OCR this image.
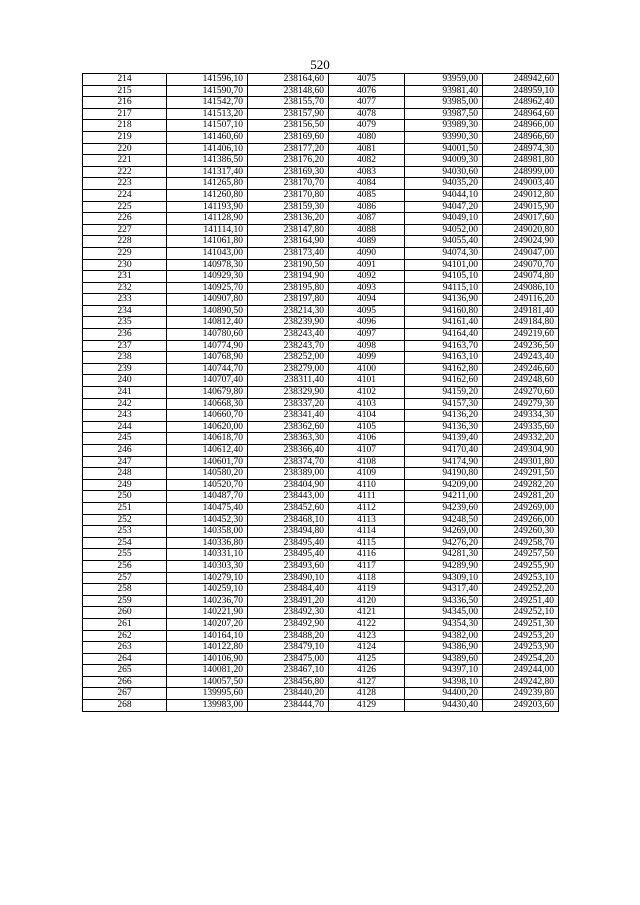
520
214	141596,10	238164,60	4075	93959,00	248942,60
215	141590,70	238148,60	4076	93981,40	248959,10
216	141542,70	238155,70	4077	93985,00	248962,40
217	141513,20	238157,90	4078	93987,50	248964,60
218	141507,10	238156,50	4079	93989,30	248966,00
219	141460,60	238169,60	4080	93990,30	248966,60
220	141406,10	238177,20	4081	94001,50	248974,30
221	141386,50	238176,20	4082	94009,30	248981,80
222	141317,40	238169,30	4083	94030,60	248999,00
223	141265,80	238170,70	4084	94035,20	249003,40
224	141260,80	238170,80	4085	94044,10	249012,80
225	141193,90	238159,30	4086	94047,20	249015,90
226	141128,90	238136,20	4087	94049,10	249017,60
227	141114,10	238147,80	4088	94052,00	249020,80
228	141061,80	238164,90	4089	94055,40	249024,90
229	141043,00	238173,40	4090	94074,30	249047,00
230	140978,30	238190,50	4091	94101,00	249070,70
231	140929,30	238194,90	4092	94105,10	249074,80
232	140925,70	238195,80	4093	94115,10	249086,10
233	140907,80	238197,80	4094	94136,90	249116,20
234	140890,50	238214,30	4095	94160,80	249181,40
235	140812,40	238239,90	4096	94161,40	249184,80
236	140780,60	238243,40	4097	94164,40	249219,60
237	140774,90	238243,70	4098	94163,70	249236,50
238	140768,90	238252,00	4099	94163,10	249243,40
239	140744,70	238279,00	4100	94162,80	249246,60
240	140707,40	238311,40	4101	94162,60	249248,60
241	140679,80	238329,90	4102	94159,20	249270,60
242	140668,30	238337,20	4103	94157,30	249279,30
243	140660,70	238341,40	4104	94136,20	249334,30
244	140620,00	238362,60	4105	94136,30	249335,60
245	140618,70	238363,30	4106	94139,40	249332,20
246	140612,40	238366,40	4107	94170,40	249304,90
247	140601,70	238374,70	4108	94174,90	249301,80
248	140580,20	238389,00	4109	94190,80	249291,50
249	140520,70	238404,90	4110	94209,00	249282,20
250	140487,70	238443,00	4111	94211,00	249281,20
251	140475,40	238452,60	4112	94239,60	249269,00
252	140452,30	238468,10	4113	94248,50	249266,00
253	140358,00	238494,80	4114	94269,00	249260,30
254	140336,80	238495,40	4115	94276,20	249258,70
255	140331,10	238495,40	4116	94281,30	249257,50
256	140303,30	238493,60	4117	94289,90	249255,90
257	140279,10	238490,10	4118	94309,10	249253,10
258	140259,10	238484,40	4119	94317,40	249252,20
259	140236,70	238491,20	4120	94336,50	249251,40
260	140221,90	238492,30	4121	94345,00	249252,10
261	140207,20	238492,90	4122	94354,30	249251,30
262	140164,10	238488,20	4123	94382,00	249253,20
263	140122,80	238479,10	4124	94386,90	249253,90
264	140106,90	238475,00	4125	94389,60	249254,20
265	140081,20	238467,10	4126	94397,10	249244,00
266	140057,50	238456,80	4127	94398,10	249242,80
267	139995,60	238440,20	4128	94400,20	249239,80
268	139983,00	238444,70	4129	94430,40	249203,60
